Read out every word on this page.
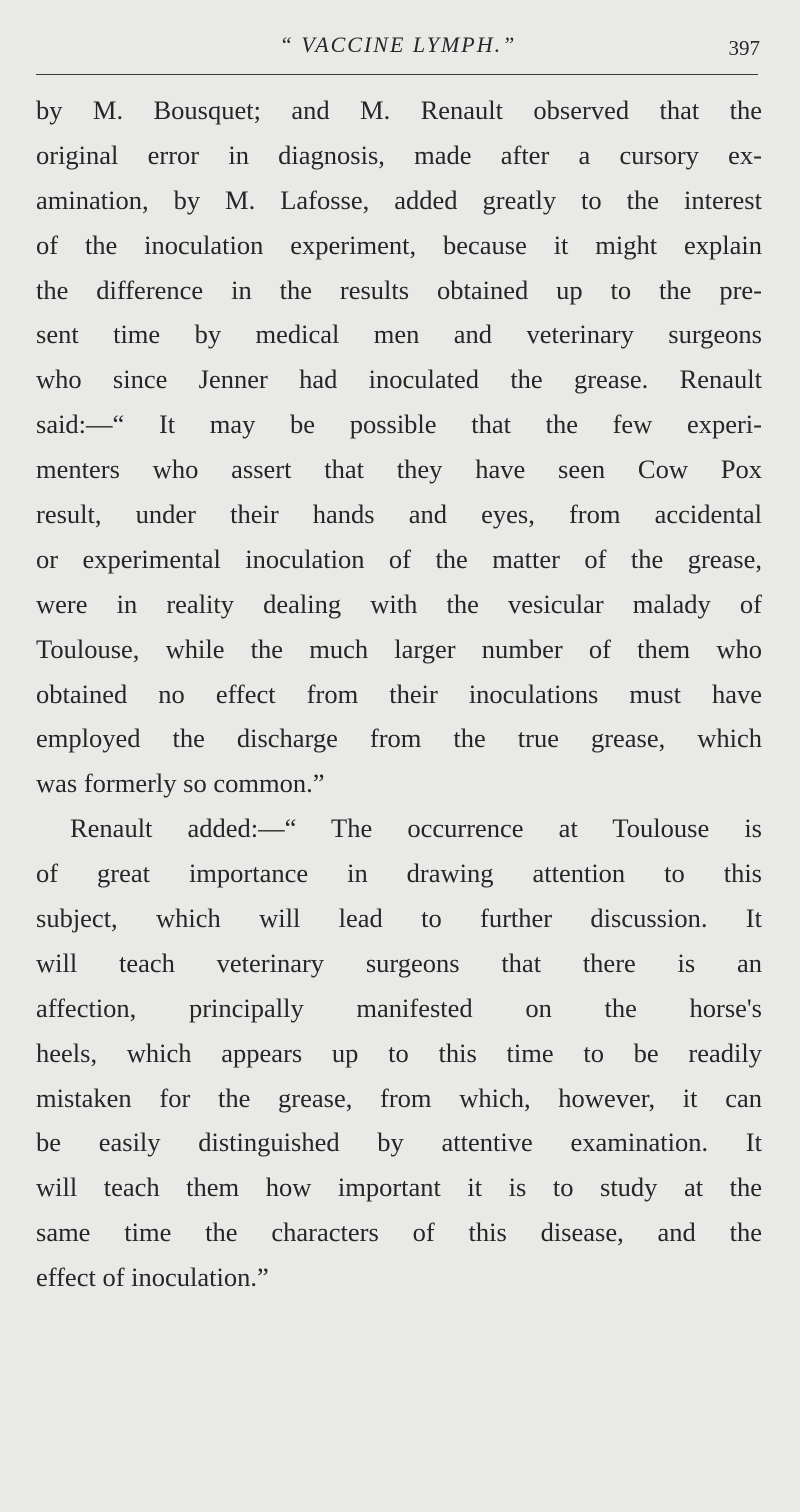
“ VACCINE LYMPH.”	397
by M. Bousquet; and M. Renault observed that the
original error in diagnosis, made after a cursory ex-
amination, by M. Lafosse, added greatly to the interest
of the inoculation experiment, because it might explain
the difference in the results obtained up to the pre-
sent time by medical men and veterinary surgeons
who since Jenner had inoculated the grease. Renault
said:—“ It may be possible that the few experi-
menters who assert that they have seen Cow Pox
result, under their hands and eyes, from accidental
or experimental inoculation of the matter of the grease,
were in reality dealing with the vesicular malady of
Toulouse, while the much larger number of them who
obtained no effect from their inoculations must have
employed the discharge from the true grease, which
was formerly so common.”
Renault added:—“ The occurrence at Toulouse is
of great importance in drawing attention to this
subject, which will lead to further discussion. It
will teach veterinary surgeons that there is an
affection, principally manifested on the horse's
heels, which appears up to this time to be readily
mistaken for the grease, from which, however, it can
be easily distinguished by attentive examination. It
will teach them how important it is to study at the
same time the characters of this disease, and the
effect of inoculation.”
